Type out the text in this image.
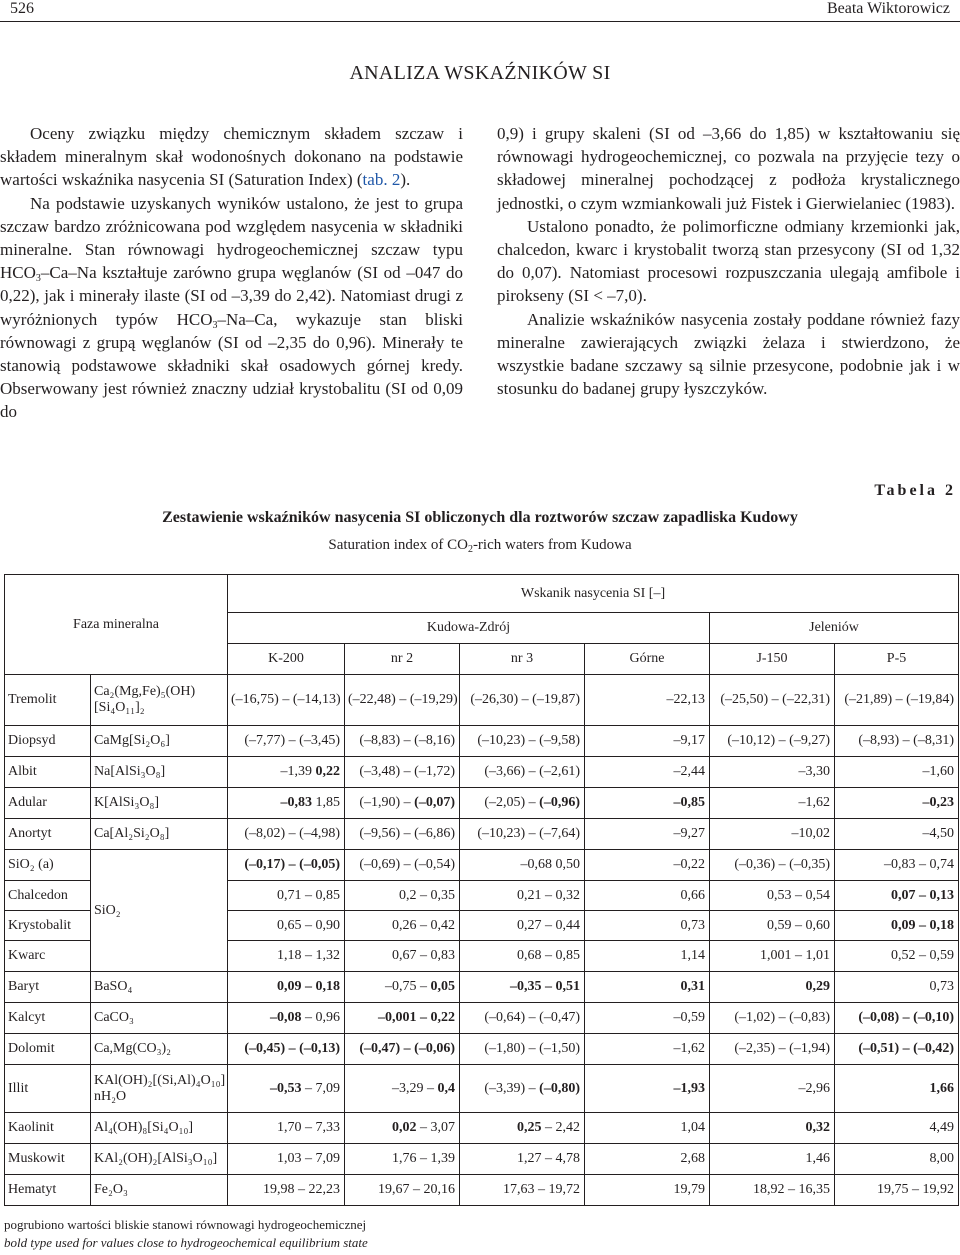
526	Beata Wiktorowicz
ANALIZA WSKAŹNIKÓW SI

Oceny związku między chemicznym składem szczaw i składem mineralnym skał wodonośnych dokonano na podstawie wartości wskaźnika nasycenia SI (Saturation Index) (tab. 2).

Na podstawie uzyskanych wyników ustalono, że jest to grupa szczaw bardzo zróżnicowana pod względem nasycenia w składniki mineralne. Stan równowagi hydrogeochemicznej szczaw typu $HCO_3-Ca-Na$ kształtuje zarówno grupa węglanów (SI od –047 do 0,22), jak i minerały ilaste (SI od –3,39 do 2,42). Natomiast drugi z wyróżnionych typów $HCO_3-Na-Ca$, wykazuje stan bliski równowagi z grupą węglanów (SI od –2,35 do 0,96). Minerały te stanowią podstawowe składniki skał osadowych górnej kredy. Obserwowany jest również znaczny udział krystobalitu (SI od 0,09 do

0,9) i grupy skaleni (SI od –3,66 do 1,85) w kształtowaniu się równowagi hydrogeochemicznej, co pozwala na przyjęcie tezy o składowej mineralnej pochodzącej z podłoża krystalicznego jednostki, o czym wzmiankowali już Fistek i Gierwielaniec (1983).

Ustalono ponadto, że polimorficzne odmiany krzemionki jak, chalcedon, kwarc i krystobalit tworzą stan przesycony (SI od 1,32 do 0,07). Natomiast procesowi rozpuszczania ulegają amfibole i pirokseny (SI < –7,0).

Analizie wskaźników nasycenia zostały poddane również fazy mineralne zawierających związki żelaza i stwierdzono, że wszystkie badane szczawy są silnie przesycone, podobnie jak i w stosunku do badanej grupy łyszczyków.

Tabela 2
Zestawienie wskaźników nasycenia SI obliczonych dla roztworów szczaw zapadliska Kudowy
Saturation index of $CO_2$-rich waters from Kudowa
Faza mineralna		Wskanik nasycenia SI [–]					
		Kudowa-Zdrój				Jeleniów	
		K-200	nr 2	nr 3	Górne	J-150	P-5
Tremolit	Ca₂(Mg,Fe)₅(OH)[Si₄O₁₁]₂	(–16,75) – (–14,13)	(–22,48) – (–19,29)	(–26,30) – (–19,87)	–22,13	(–25,50) – (–22,31)	(–21,89) – (–19,84)
Diopsyd	CaMg[Si₂O₆]	(–7,77) – (–3,45)	(–8,83) – (–8,16)	(–10,23) – (–9,58)	–9,17	(–10,12) – (–9,27)	(–8,93) – (–8,31)
Albit	Na[AlSi₃O₈]	–1,39 0,22	(–3,48) – (–1,72)	(–3,66) – (–2,61)	–2,44	–3,30	–1,60
Adular	K[AlSi₃O₈]	–0,83 1,85	(–1,90) – (–0,07)	(–2,05) – (–0,96)	–0,85	–1,62	–0,23
Anortyt	Ca[Al₂Si₂O₈]	(–8,02) – (–4,98)	(–9,56) – (–6,86)	(–10,23) – (–7,64)	–9,27	–10,02	–4,50
SiO₂ (a)	SiO₂	(–0,17) – (–0,05)	(–0,69) – (–0,54)	–0,68 0,50	–0,22	(–0,36) – (–0,35)	–0,83 – 0,74
Chalcedon		0,71 – 0,85	0,2 – 0,35	0,21 – 0,32	0,66	0,53 – 0,54	0,07 – 0,13
Krystobalit		0,65 – 0,90	0,26 – 0,42	0,27 – 0,44	0,73	0,59 – 0,60	0,09 – 0,18
Kwarc		1,18 – 1,32	0,67 – 0,83	0,68 – 0,85	1,14	1,001 – 1,01	0,52 – 0,59
Baryt	BaSO₄	0,09 – 0,18	–0,75 – 0,05	–0,35 – 0,51	0,31	0,29	0,73
Kalcyt	CaCO₃	–0,08 – 0,96	–0,001 – 0,22	(–0,64) – (–0,47)	–0,59	(–1,02) – (–0,83)	(–0,08) – (–0,10)
Dolomit	Ca,Mg(CO₃)₂	(–0,45) – (–0,13)	(–0,47) – (–0,06)	(–1,80) – (–1,50)	–1,62	(–2,35) – (–1,94)	(–0,51) – (–0,42)
Illit	KAl(OH)₂[(Si,Al)₄O₁₀] nH₂O	–0,53 – 7,09	–3,29 – 0,4	(–3,39) – (–0,80)	–1,93	–2,96	1,66
Kaolinit	Al₄(OH)₈[Si₄O₁₀]	1,70 – 7,33	0,02 – 3,07	0,25 – 2,42	1,04	0,32	4,49
Muskowit	KAl₂(OH)₂[AlSi₃O₁₀]	1,03 – 7,09	1,76 – 1,39	1,27 – 4,78	2,68	1,46	8,00
Hematyt	Fe₂O₃	19,98 – 22,23	19,67 – 20,16	17,63 – 19,72	19,79	18,92 – 16,35	19,75 – 19,92
pogrubiono wartości bliskie stanowi równowagi hydrogeochemicznej
bold type used for values close to hydrogeochemical equilibrium state
